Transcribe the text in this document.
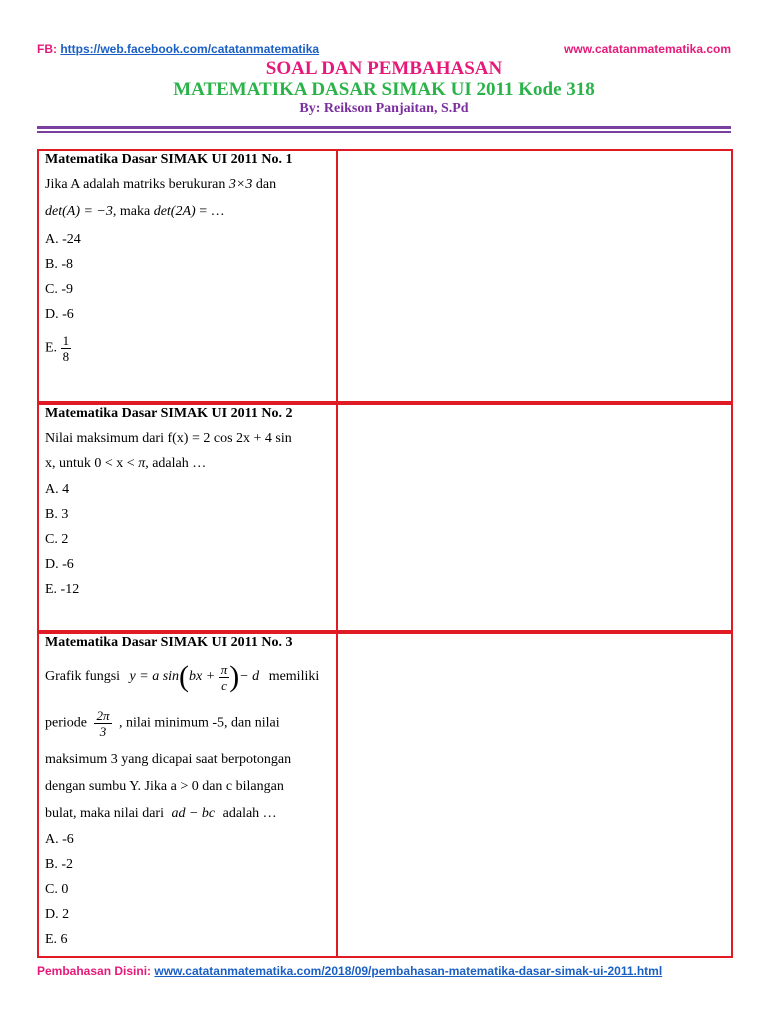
FB: https://web.facebook.com/catatanmatematika	www.catatanmatematika.com
SOAL DAN PEMBAHASAN
MATEMATIKA DASAR SIMAK UI 2011 Kode 318
By: Reikson Panjaitan, S.Pd
Matematika Dasar SIMAK UI 2011 No. 1
Jika A adalah matriks berukuran 3×3 dan
det(A) = −3, maka det(2A) = …
A. -24
B. -8
C. -9
D. -6
E. $\frac{1}{8}$
Matematika Dasar SIMAK UI 2011 No. 2
Nilai maksimum dari f(x) = 2 cos 2x + 4 sin
x, untuk 0 < x < π, adalah …
A. 4
B. 3
C. 2
D. -6
E. -12
Matematika Dasar SIMAK UI 2011 No. 3
Grafik fungsi y = a $\sin(bx + \frac{\pi}{c}$ )− d memiliki
periode $\frac{2\pi}{3}$ , nilai minimum -5, dan nilai
maksimum 3 yang dicapai saat berpotongan
dengan sumbu Y. Jika a > 0 dan c bilangan
bulat, maka nilai dari ad − bc adalah …
A. -6
B. -2
C. 0
D. 2
E. 6
Pembahasan Disini: www.catatanmatematika.com/2018/09/pembahasan-matematika-dasar-simak-ui-2011.html
